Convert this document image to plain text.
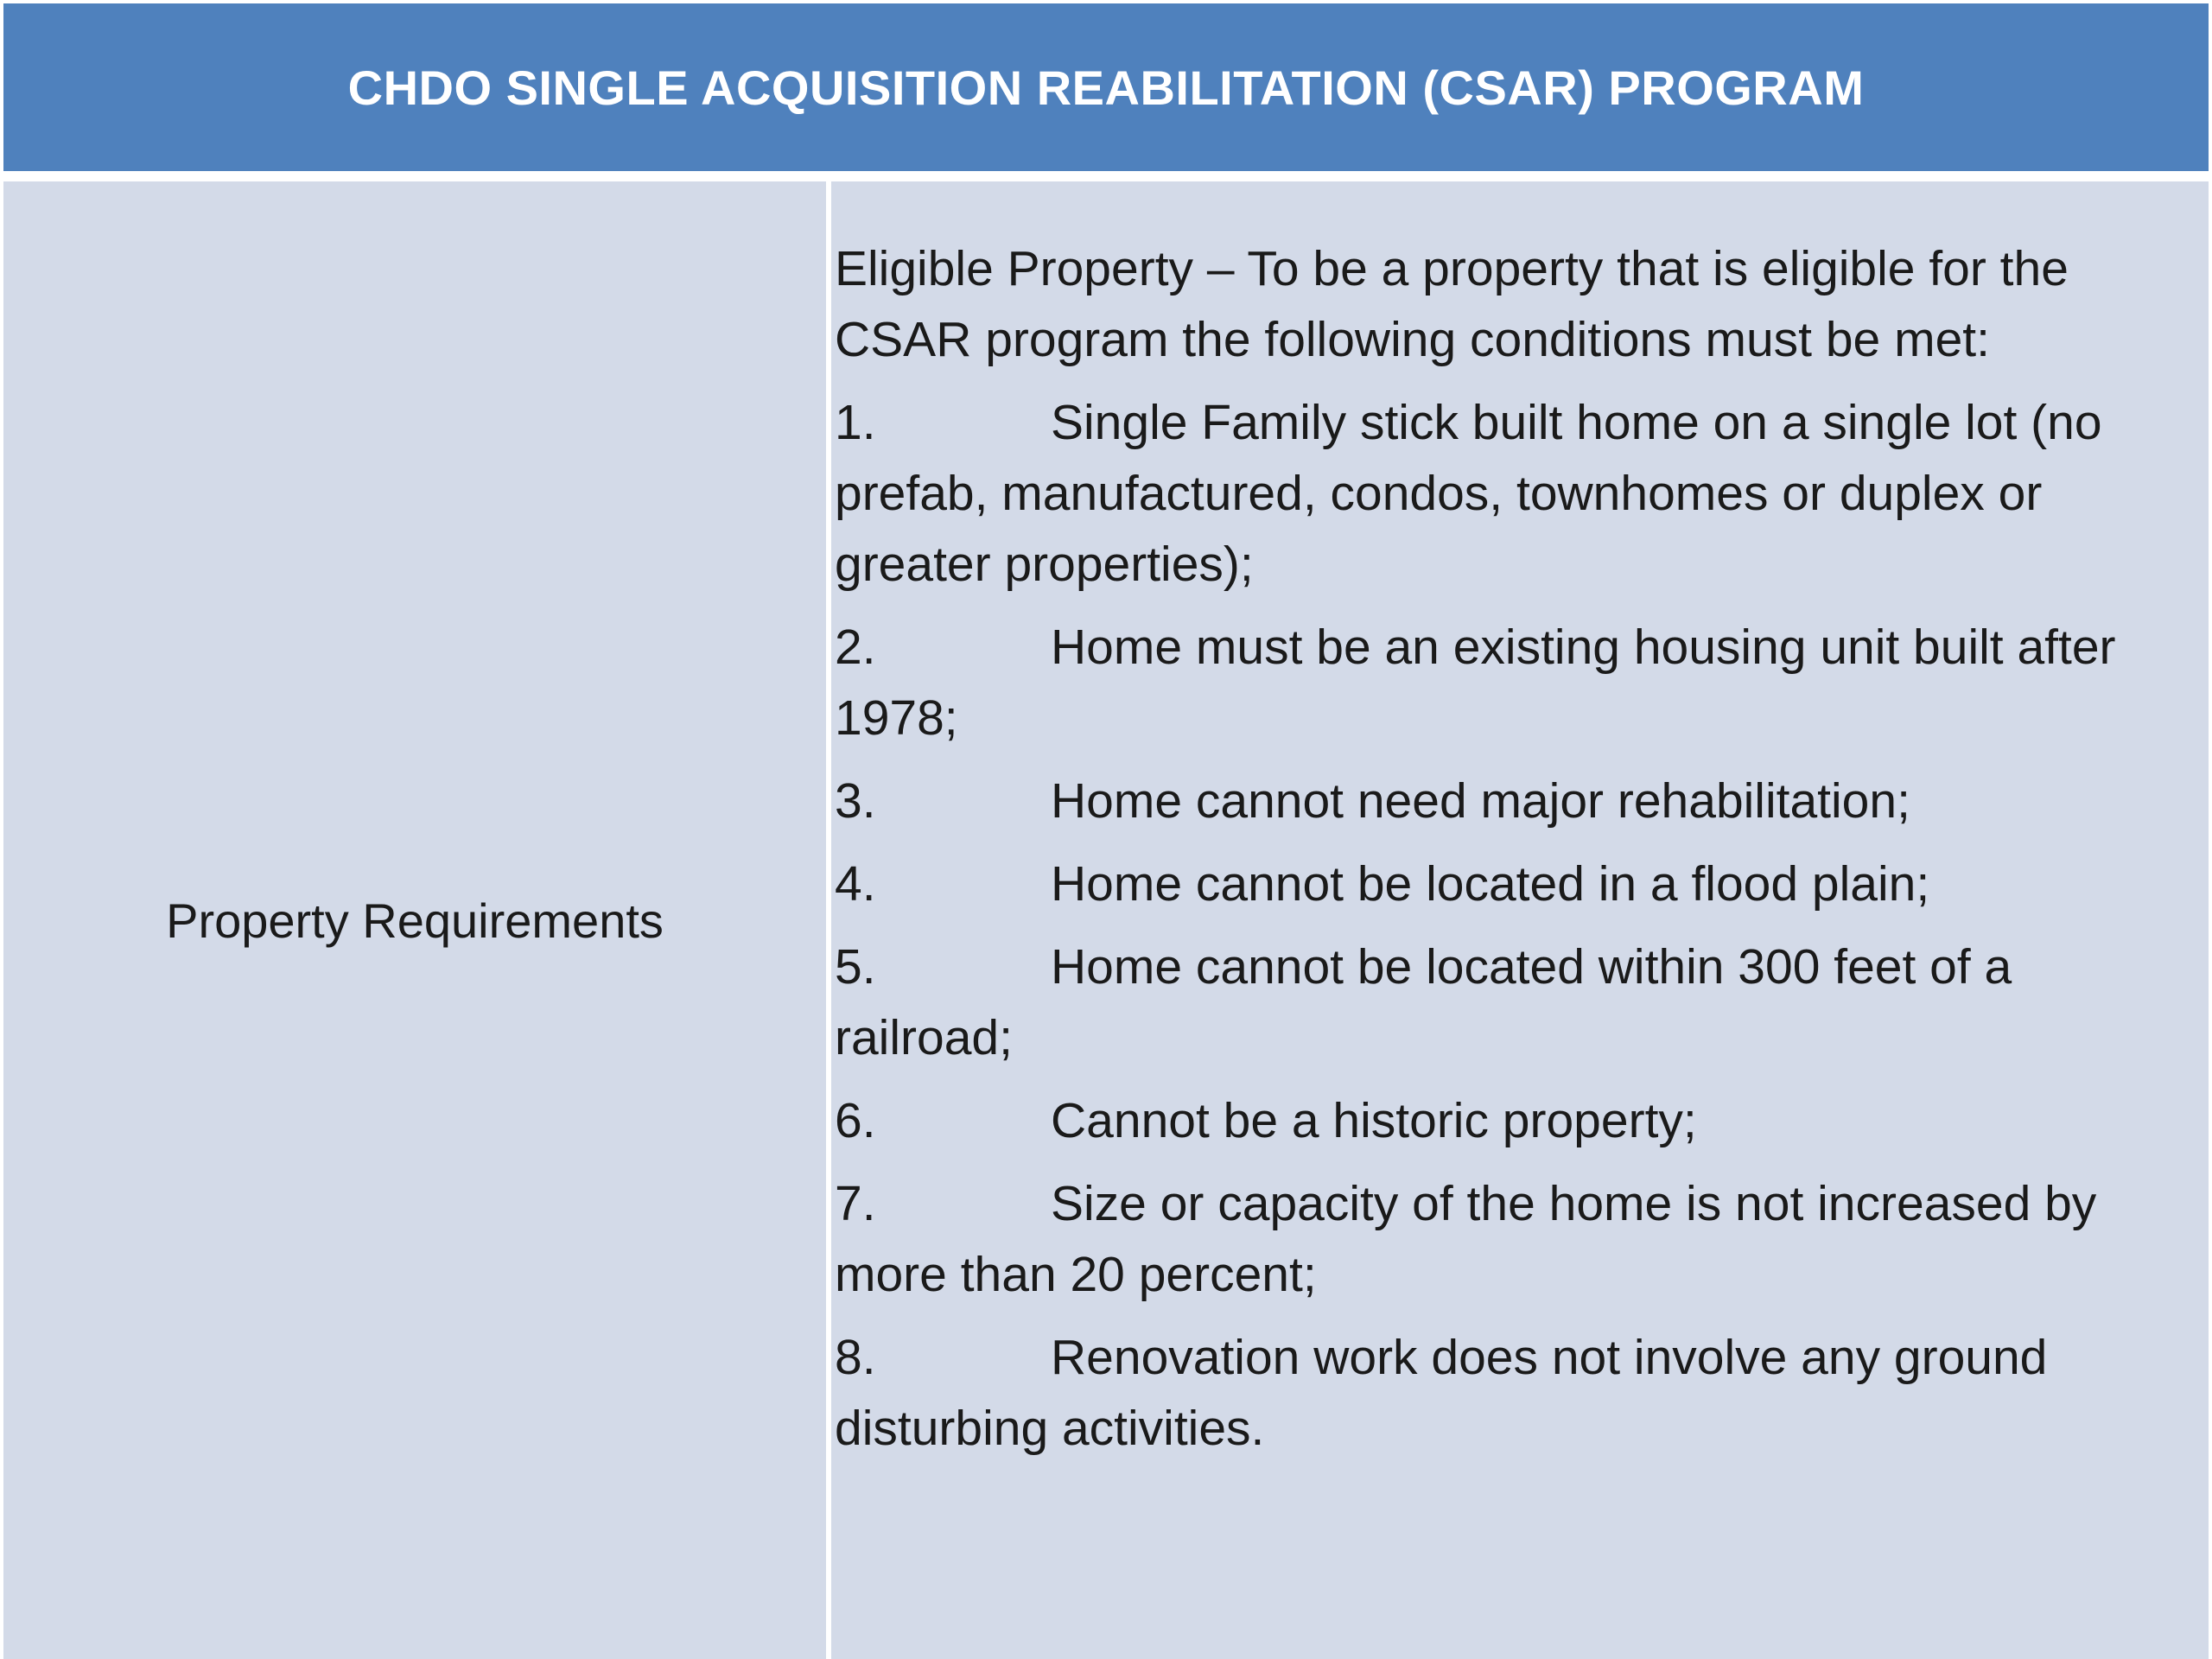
CHDO SINGLE ACQUISITION REABILITATION (CSAR) PROGRAM
Property Requirements

Eligible Property – To be a property that is eligible for the CSAR program the following conditions must be met:

1.	Single Family stick built home on a single lot (no prefab, manufactured, condos, townhomes or duplex or greater properties);
2.	Home must be an existing housing unit built after 1978;
3.	Home cannot need major rehabilitation;
4.	Home cannot be located in a flood plain;
5.	Home cannot be located within 300 feet of a railroad;
6.	Cannot be a historic property;
7.	Size or capacity of the home is not increased by more than 20 percent;
8.	Renovation work does not involve any ground disturbing activities.
